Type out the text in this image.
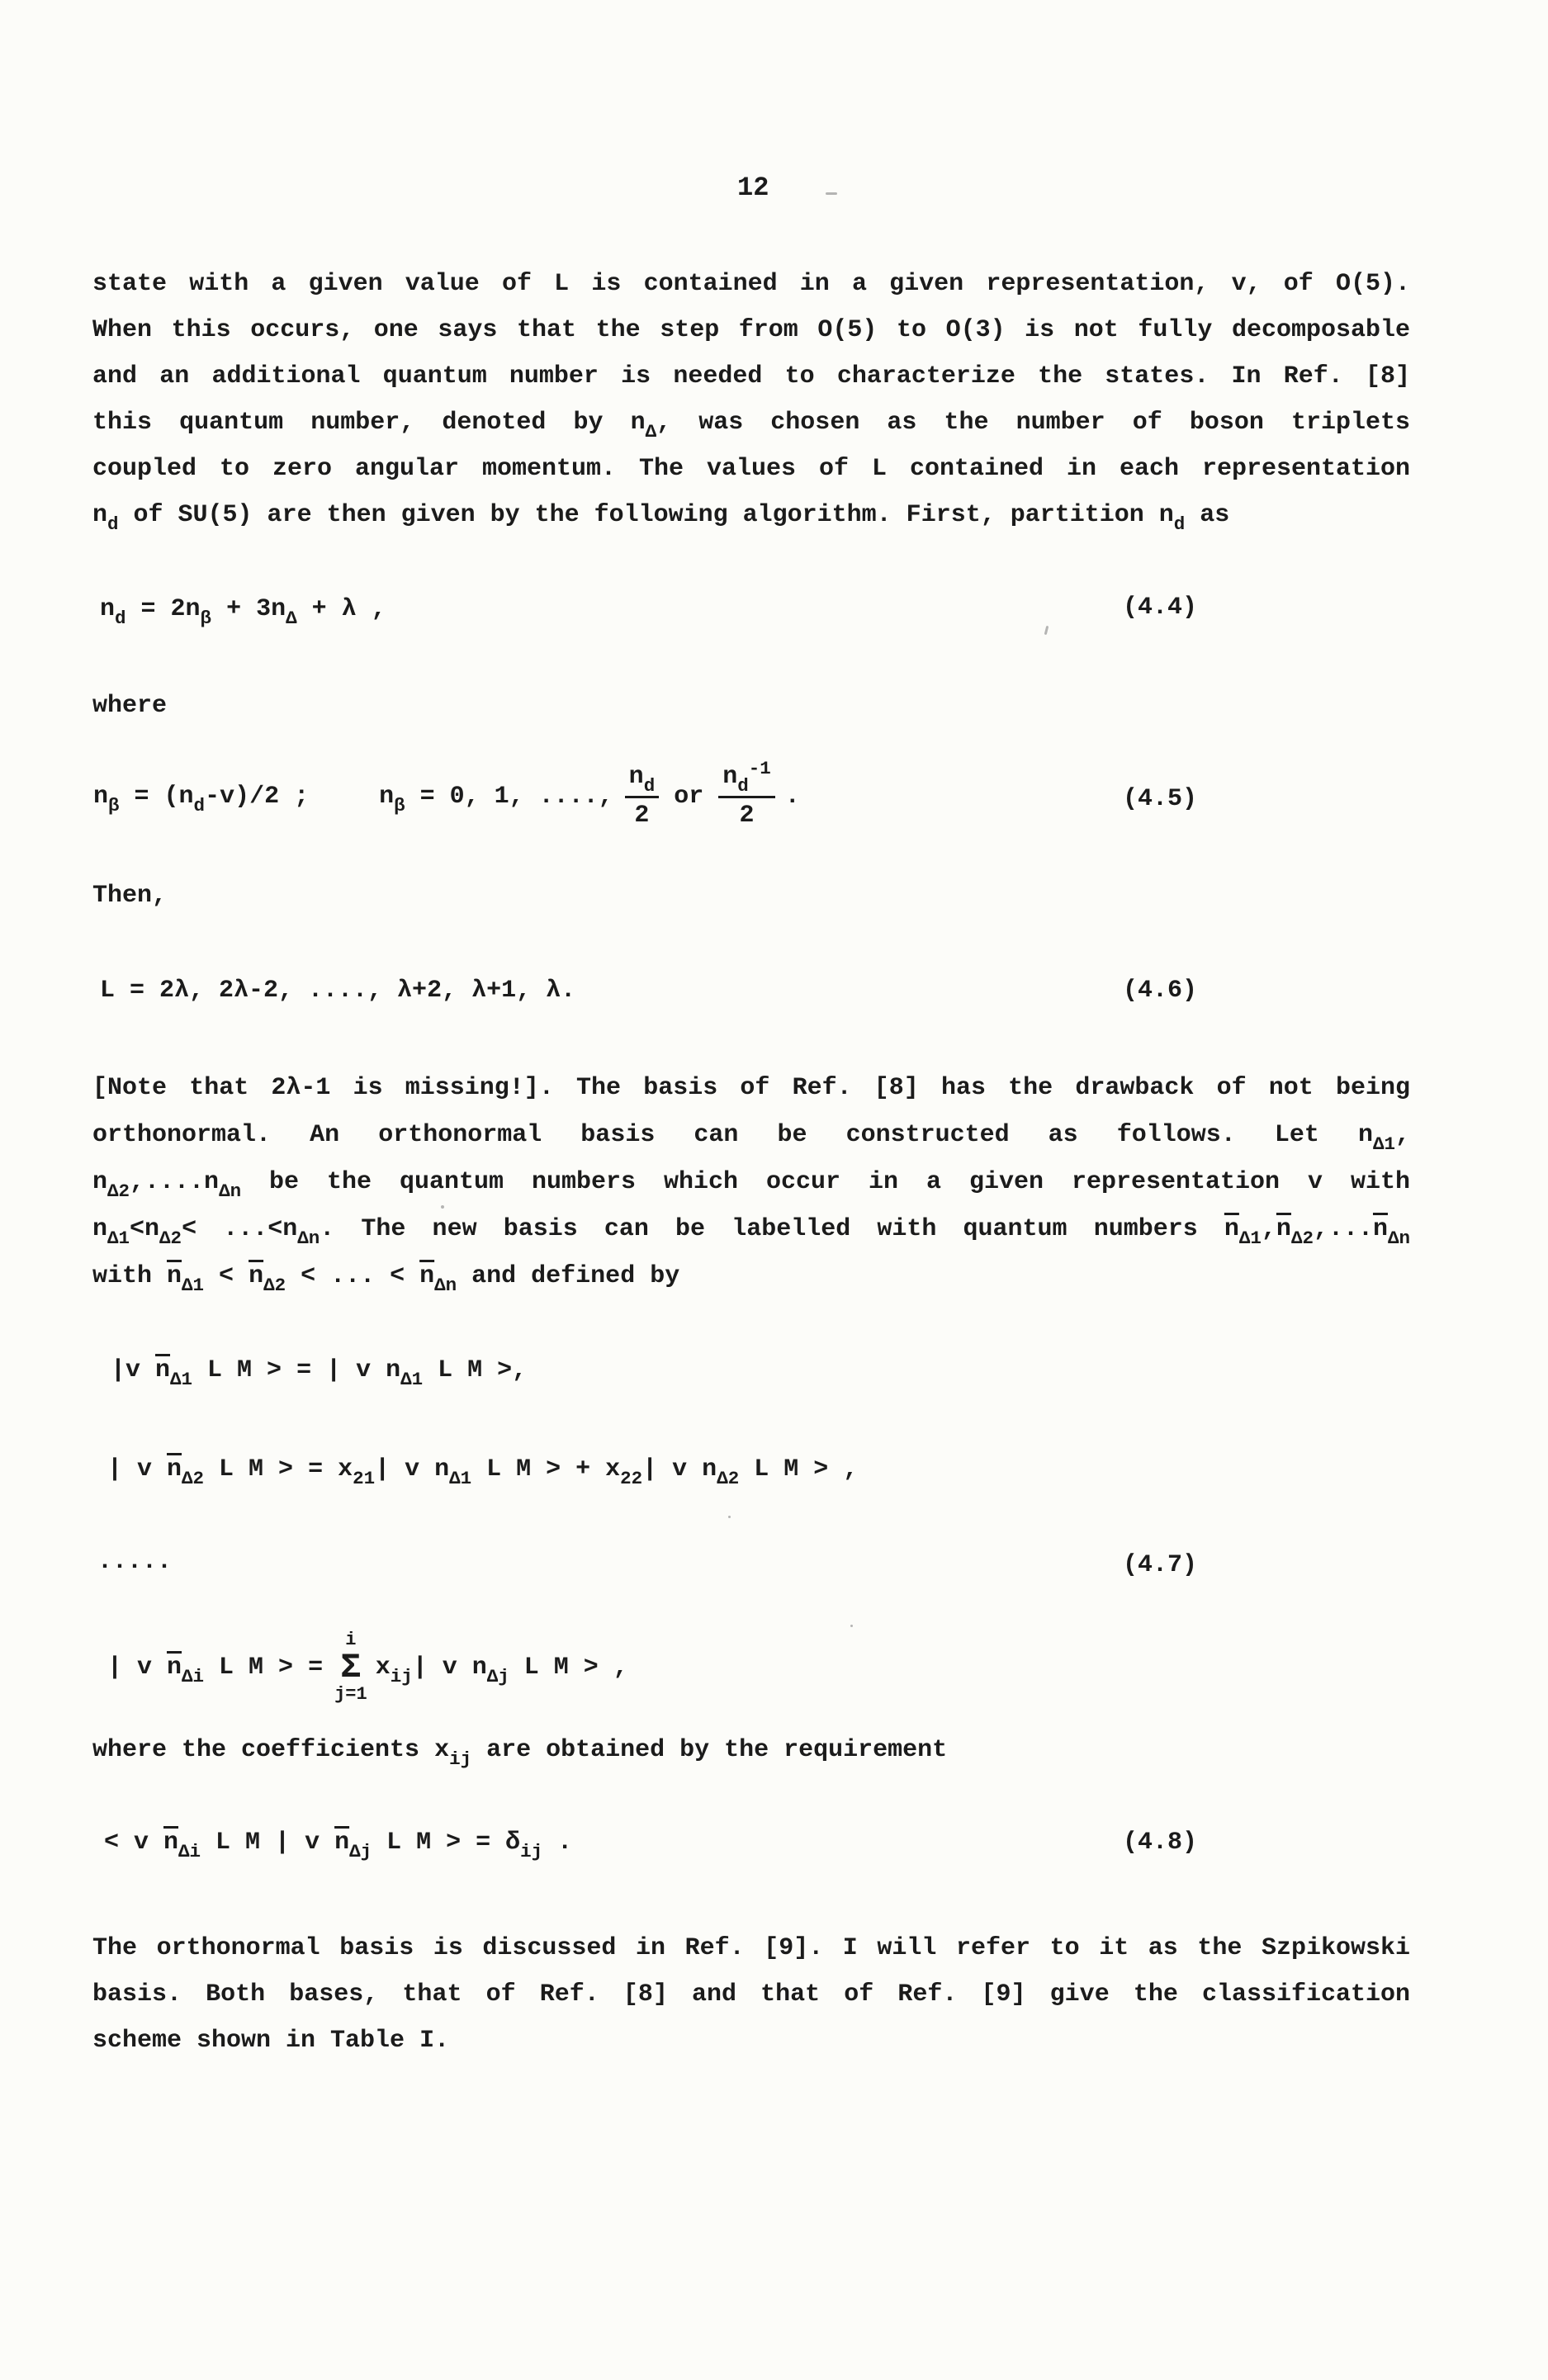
12
state with a given value of L is contained in a given representation, v, of O(5).
When this occurs, one says that the step from O(5) to O(3) is not fully decomposable
and an additional quantum number is needed to characterize the states. In Ref. [8]
this quantum number, denoted by $n_\Delta$, was chosen as the number of boson triplets
coupled to zero angular momentum. The values of L contained in each representation
$n_d$ of SU(5) are then given by the following algorithm. First, partition $n_d$ as
$n_d = 2n_\beta + 3n_\Delta + \lambda$ ,	(4.4)
where
$n_\beta = (n_d-v)/2$ ;	$n_\beta = 0$, 1, ...., $\frac{n_d}{2}$ or $\frac{n_d^{-1}}{2}$ .	(4.5)
Then,
L = 2λ, 2λ-2, ...., λ+2, λ+1, λ.	(4.6)
[Note that 2λ-1 is missing!]. The basis of Ref. [8] has the drawback of not being
orthonormal. An orthonormal basis can be constructed as follows. Let $n_{\Delta 1}$,
$n_{\Delta 2},....n_{\Delta n}$ be the quantum numbers which occur in a given representation v with
$n_{\Delta 1}<n_{\Delta 2}< ...<n_{\Delta n}$. The new basis can be labelled with quantum numbers $\overline{n}_{\Delta 1},\overline{n}_{\Delta 2},...\overline{n}_{\Delta n}$
with $\overline{n}_{\Delta 1} < \overline{n}_{\Delta 2}$ < ... < $\overline{n}_{\Delta n}$ and defined by
|v $\overline{n}_{\Delta 1}$ L M > = | v $n_{\Delta 1}$ L M >,
| v $\overline{n}_{\Delta 2}$ L M > = $x_{21}|$ v $n_{\Delta 1}$ L M > + $x_{22}|$ v $n_{\Delta 2}$ L M > ,
.....	(4.7)
| v $\overline{n}_{\Delta i}$ L M > =
i
Σ
j=1
$x_{ij}|$ v $n_{\Delta j}$ L M > ,
where the coefficients $x_{ij}$ are obtained by the requirement
< v $\overline{n}_{\Delta i}$ L M | v $\overline{n}_{\Delta j}$ L M > = $\delta_{ij}$ .	(4.8)
The orthonormal basis is discussed in Ref. [9]. I will refer to it as the Szpikowski
basis. Both bases, that of Ref. [8] and that of Ref. [9] give the classification
scheme shown in Table I.
